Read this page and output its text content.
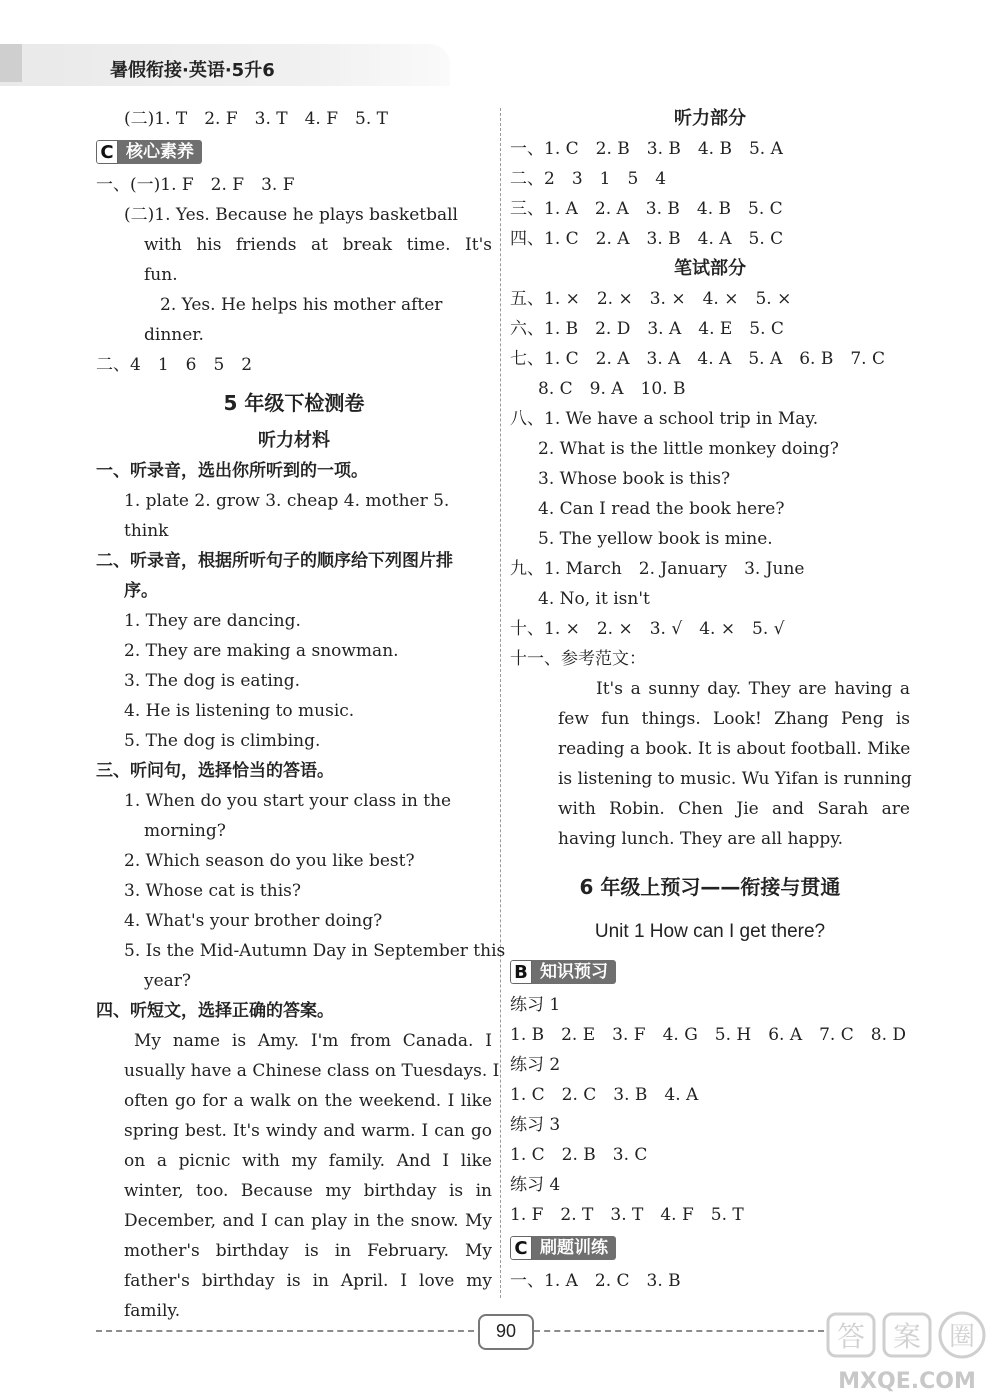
暑假衔接·英语·5升6
(二)1. T　2. F　3. T　4. F　5. T
C 核心素养
一、(一)1. F　2. F　3. F
(二)1. Yes. Because he plays basketball
with his friends at break time. It's
fun.
2. Yes. He helps his mother after
dinner.
二、4　1　6　5　2
5 年级下检测卷
听力材料
一、听录音，选出你所听到的一项。
1. plate 2. grow 3. cheap 4. mother 5.
think
二、听录音，根据所听句子的顺序给下列图片排
序。
1. They are dancing.
2. They are making a snowman.
3. The dog is eating.
4. He is listening to music.
5. The dog is climbing.
三、听问句，选择恰当的答语。
1. When do you start your class in the
morning?
2. Which season do you like best?
3. Whose cat is this?
4. What's your brother doing?
5. Is the Mid-Autumn Day in September this
year?
四、听短文，选择正确的答案。
My name is Amy. I'm from Canada. I
usually have a Chinese class on Tuesdays. I
often go for a walk on the weekend. I like
spring best. It's windy and warm. I can go
on a picnic with my family. And I like
winter, too. Because my birthday is in
December, and I can play in the snow. My
mother's birthday is in February. My
father's birthday is in April. I love my
family.
听力部分
一、1. C　2. B　3. B　4. B　5. A
二、2　3　1　5　4
三、1. A　2. A　3. B　4. B　5. C
四、1. C　2. A　3. B　4. A　5. C
笔试部分
五、1. ×　2. ×　3. ×　4. ×　5. ×
六、1. B　2. D　3. A　4. E　5. C
七、1. C　2. A　3. A　4. A　5. A　6. B　7. C
8. C　9. A　10. B
八、1. We have a school trip in May.
2. What is the little monkey doing?
3. Whose book is this?
4. Can I read the book here?
5. The yellow book is mine.
九、1. March　2. January　3. June
4. No, it isn't
十、1. ×　2. ×　3. √　4. ×　5. √
十一、参考范文：
It's a sunny day. They are having a
few fun things. Look! Zhang Peng is
reading a book. It is about football. Mike
is listening to music. Wu Yifan is running
with Robin. Chen Jie and Sarah are
having lunch. They are all happy.
6 年级上预习——衔接与贯通
Unit 1 How can I get there?
B 知识预习
练习 1
1. B　2. E　3. F　4. G　5. H　6. A　7. C　8. D
练习 2
1. C　2. C　3. B　4. A
练习 3
1. C　2. B　3. C
练习 4
1. F　2. T　3. T　4. F　5. T
C 刷题训练
一、1. A　2. C　3. B
90	答 案 圈
MXQE.COM
